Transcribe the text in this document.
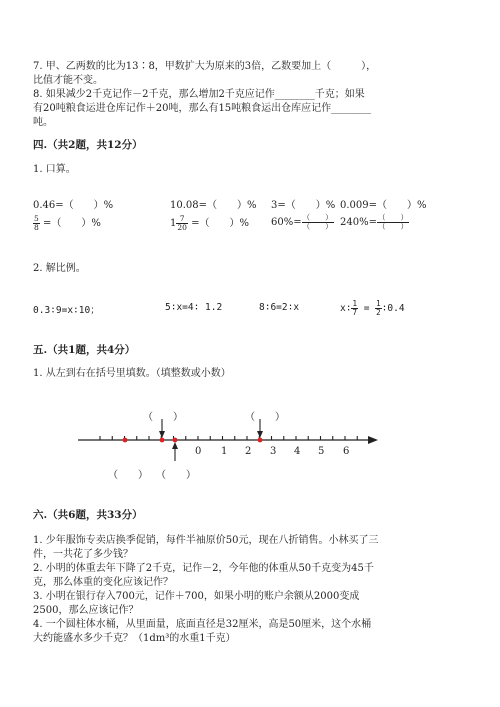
7. 甲、乙两数的比为13∶8，甲数扩大为原来的3倍，乙数要加上（　　　），
比值才能不变。
8. 如果减少2千克记作－2千克，那么增加2千克应记作________千克；如果
有20吨粮食运进仓库记作＋20吨，那么有15吨粮食运出仓库应记作________
吨。
四.（共2题，共12分）
1. 口算。
0.46=（　　）%	10.08=（　　）% 3=（　　）% 0.009=（　　）%
$\frac{5}{8}$ =（　　）%	$1 \frac{7}{20}$ =（　　）% $60\%= \frac{( )}{( )} 240\%= \frac{( )}{( )}$
2. 解比例。
0.3∶9=x∶10；	5∶x=4∶ 1.2	8∶6=2∶x	x∶ $\frac{1}{7} = \frac{1}{2}$ ∶0.4
五.（共1题，共4分）
1. 从左到右在括号里填数。（填整数或小数）
（　　）	（　　）
（　　） （　　）
0 1 2 3 4 5 6
六.（共6题，共33分）
1. 少年服饰专卖店换季促销，每件半袖原价50元，现在八折销售。小林买了三
件，一共花了多少钱？
2. 小明的体重去年下降了2千克，记作－2，今年他的体重从50千克变为45千
克，那么体重的变化应该记作？
3. 小明在银行存入700元，记作＋700，如果小明的账户余额从2000变成
2500，那么应该记作？
4. 一个圆柱体水桶，从里面量，底面直径是32厘米，高是50厘米，这个水桶
大约能盛水多少千克？（1dm³的水重1千克）
